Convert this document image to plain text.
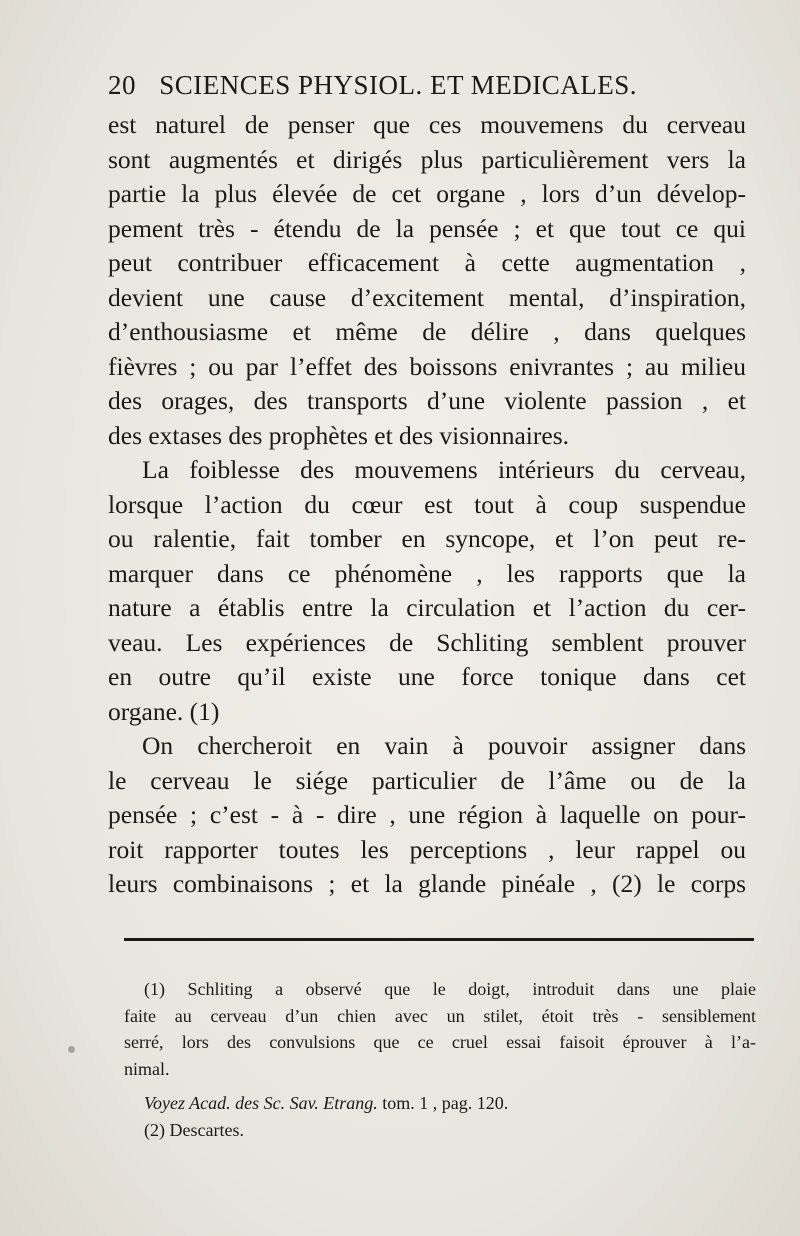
20 SCIENCES PHYSIOL. ET MEDICALES.
est naturel de penser que ces mouvemens du cerveau
sont augmentés et dirigés plus particulièrement vers la
partie la plus élevée de cet organe , lors d’un dévelop-
pement très - étendu de la pensée ; et que tout ce qui
peut contribuer efficacement à cette augmentation ,
devient une cause d’excitement mental, d’inspiration,
d’enthousiasme et même de délire , dans quelques
fièvres ; ou par l’effet des boissons enivrantes ; au milieu
des orages, des transports d’une violente passion , et
des extases des prophètes et des visionnaires.
La foiblesse des mouvemens intérieurs du cerveau,
lorsque l’action du cœur est tout à coup suspendue
ou ralentie, fait tomber en syncope, et l’on peut re-
marquer dans ce phénomène , les rapports que la
nature a établis entre la circulation et l’action du cer-
veau. Les expériences de Schliting semblent prouver
en outre qu’il existe une force tonique dans cet
organe. (1)
On chercheroit en vain à pouvoir assigner dans
le cerveau le siége particulier de l’âme ou de la
pensée ; c’est - à - dire , une région à laquelle on pour-
roit rapporter toutes les perceptions , leur rappel ou
leurs combinaisons ; et la glande pinéale , (2) le corps
(1) Schliting a observé que le doigt, introduit dans une plaie
faite au cerveau d’un chien avec un stilet, étoit très - sensiblement
serré, lors des convulsions que ce cruel essai faisoit éprouver à l’a-
nimal.
Voyez Acad. des Sc. Sav. Etrang. tom. 1 , pag. 120.
(2) Descartes.
